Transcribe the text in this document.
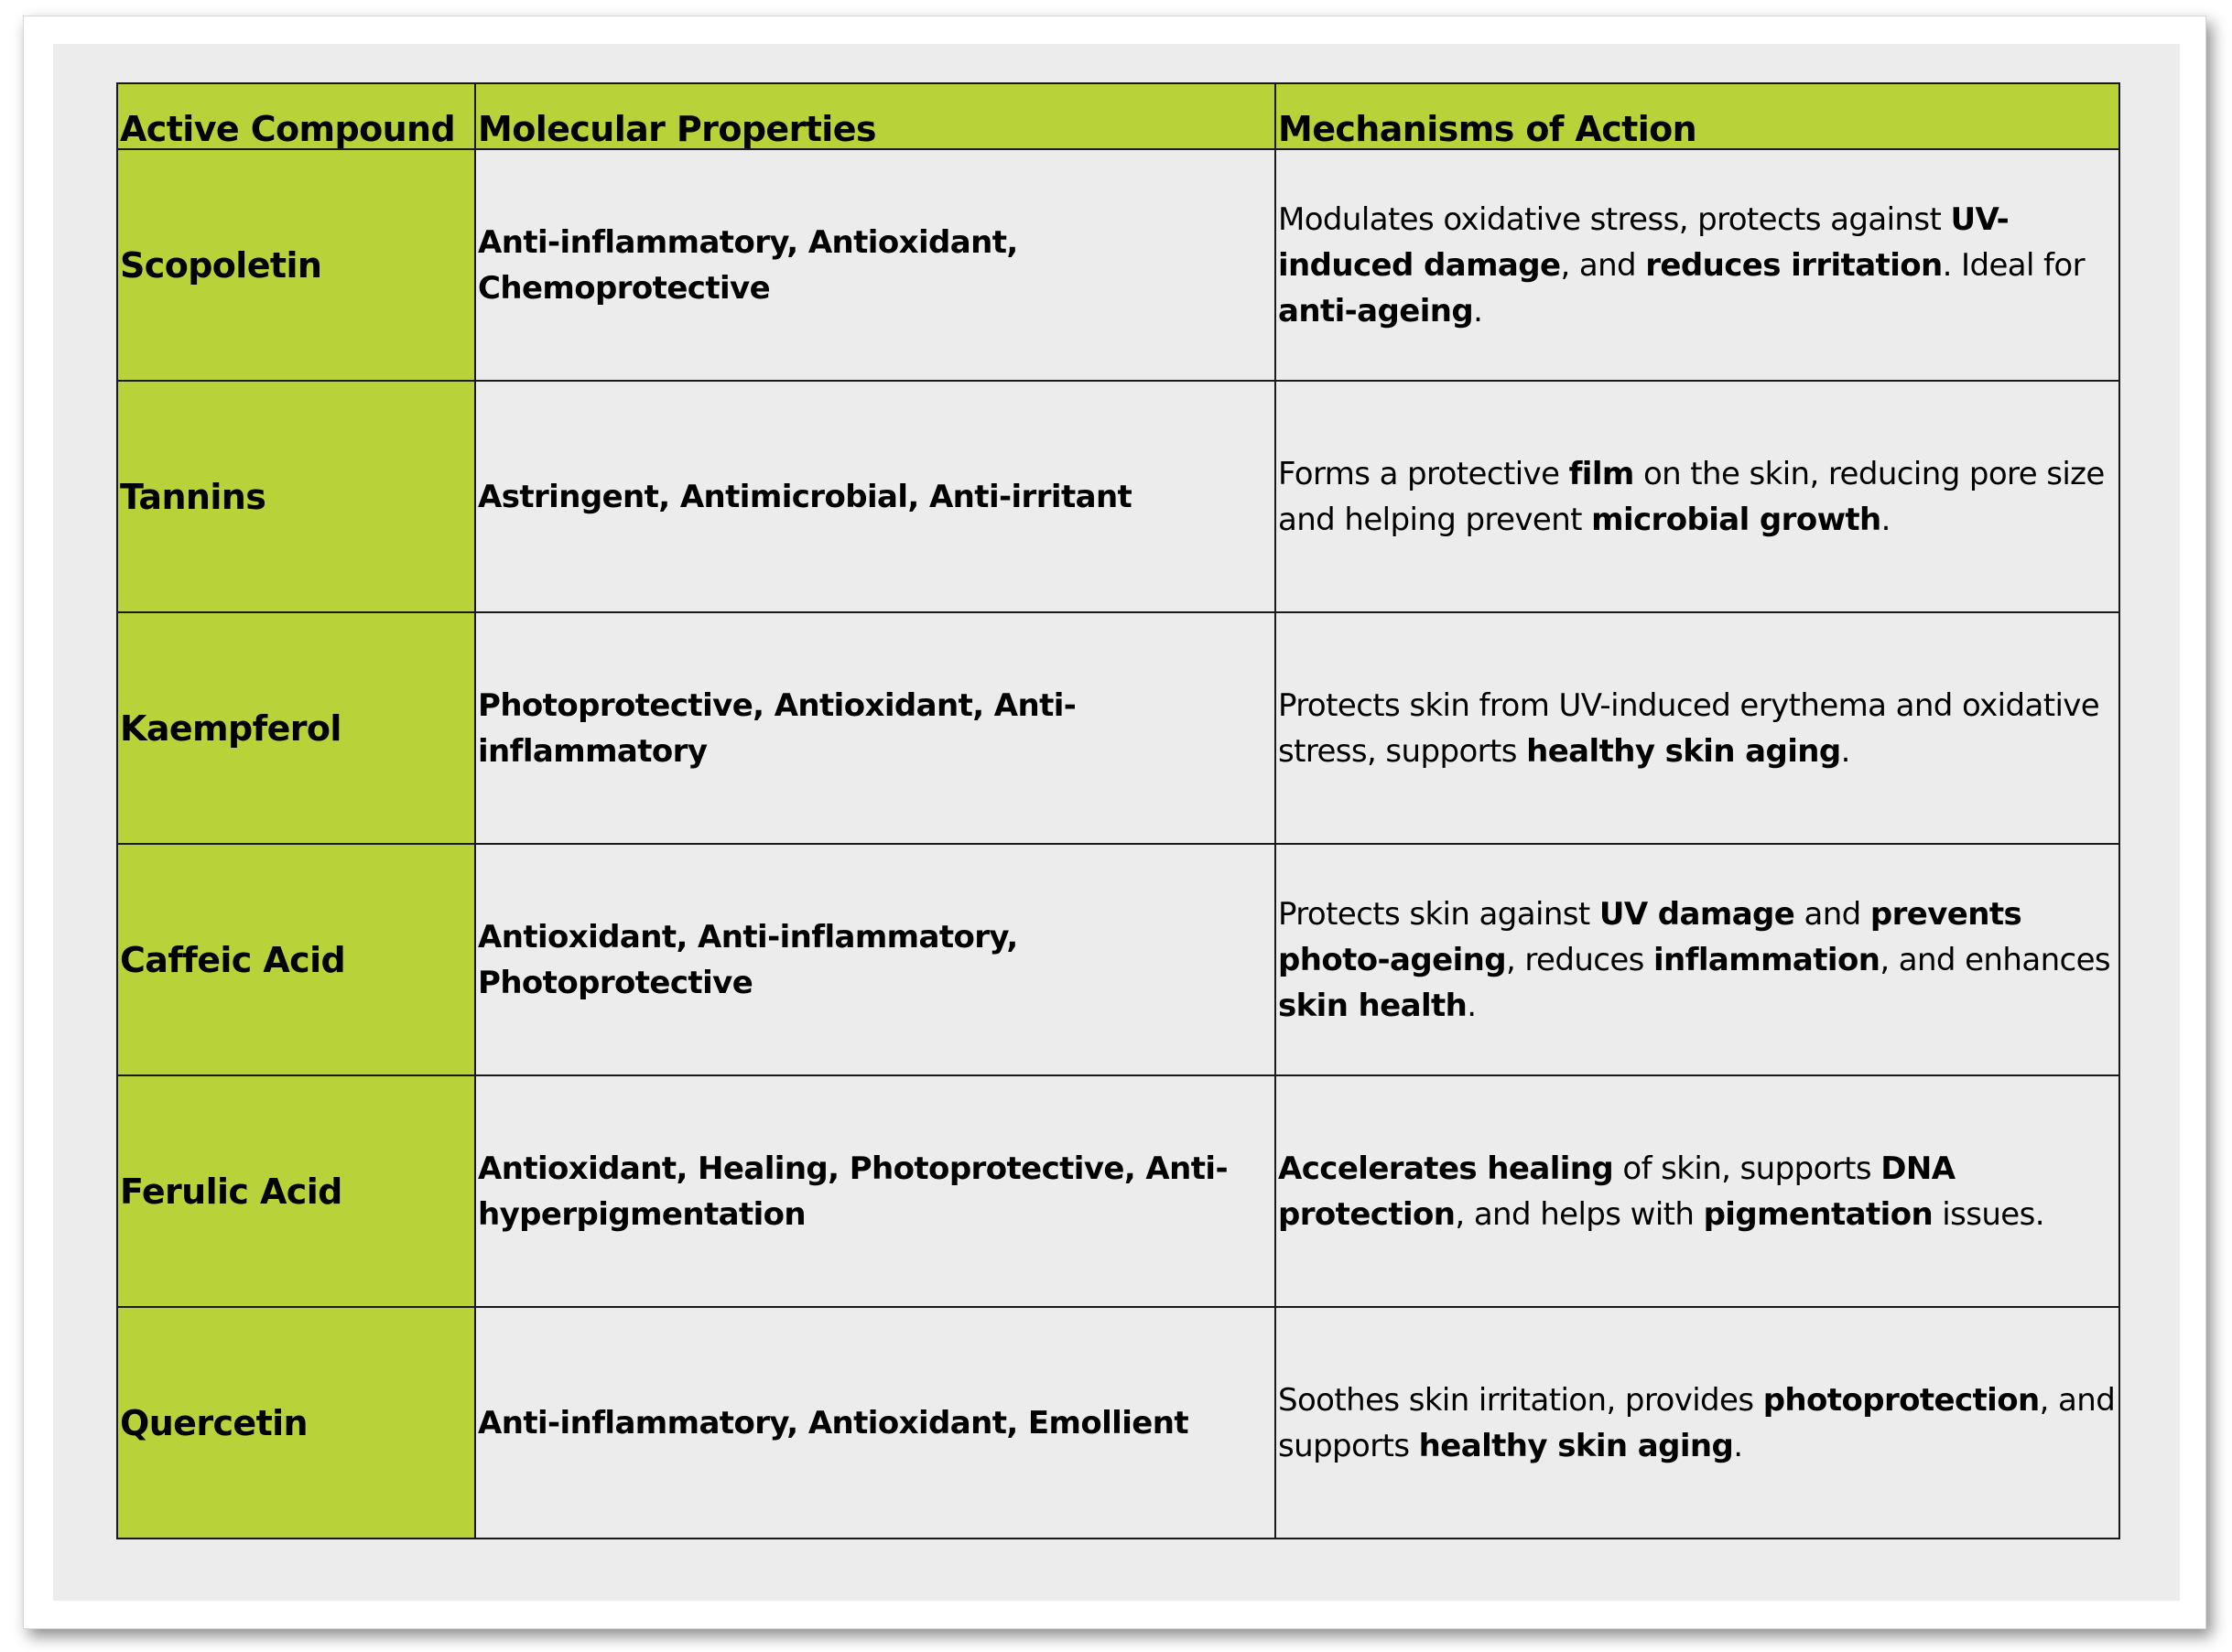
Active Compound	Molecular Properties	Mechanisms of Action
Scopoletin	Anti-inflammatory, Antioxidant, Chemoprotective	Modulates oxidative stress, protects against UV-induced damage, and reduces irritation. Ideal for anti-ageing.
Tannins	Astringent, Antimicrobial, Anti-irritant	Forms a protective film on the skin, reducing pore size and helping prevent microbial growth.
Kaempferol	Photoprotective, Antioxidant, Anti-inflammatory	Protects skin from UV-induced erythema and oxidative stress, supports healthy skin aging.
Caffeic Acid	Antioxidant, Anti-inflammatory, Photoprotective	Protects skin against UV damage and prevents photo-ageing, reduces inflammation, and enhances skin health.
Ferulic Acid	Antioxidant, Healing, Photoprotective, Anti-hyperpigmentation	Accelerates healing of skin, supports DNA protection, and helps with pigmentation issues.
Quercetin	Anti-inflammatory, Antioxidant, Emollient	Soothes skin irritation, provides photoprotection, and supports healthy skin aging.
